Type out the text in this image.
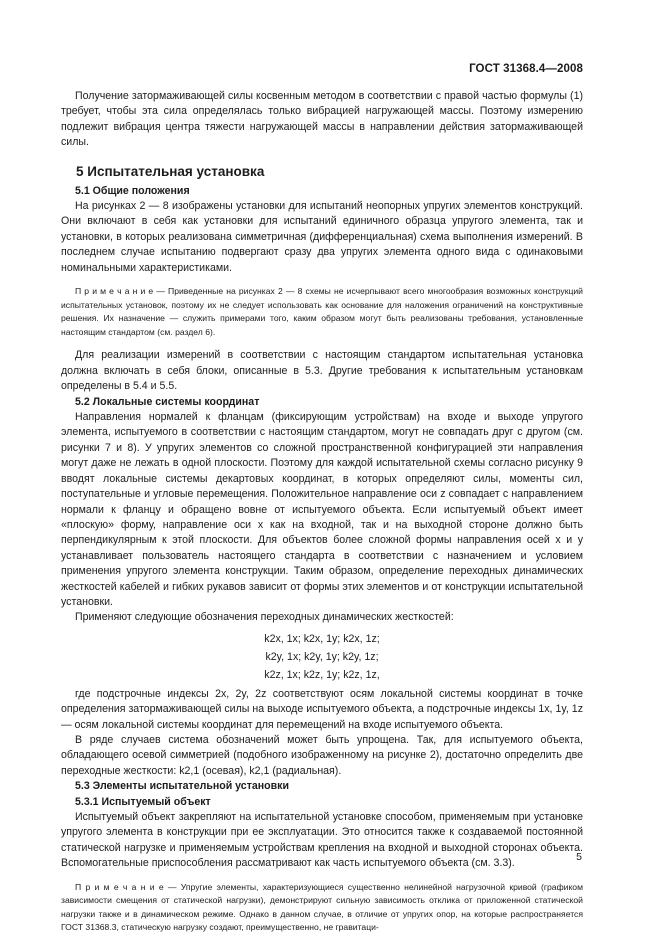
ГОСТ 31368.4—2008

Получение затормаживающей силы косвенным методом в соответствии с правой частью формулы (1) требует, чтобы эта сила определялась только вибрацией нагружающей массы. Поэтому измерению подлежит вибрация центра тяжести нагружающей массы в направлении действия затормаживающей силы.

5 Испытательная установка
5.1 Общие положения

На рисунках 2 — 8 изображены установки для испытаний неопорных упругих элементов конструкций. Они включают в себя как установки для испытаний единичного образца упругого элемента, так и установки, в которых реализована симметричная (дифференциальная) схема выполнения измерений. В последнем случае испытанию подвергают сразу два упругих элемента одного вида с одинаковыми номинальными характеристиками.

П р и м е ч а н и е — Приведенные на рисунках 2 — 8 схемы не исчерпывают всего многообразия возможных конструкций испытательных установок, поэтому их не следует использовать как основание для наложения ограничений на конструктивные решения. Их назначение — служить примерами того, каким образом могут быть реализованы требования, установленные настоящим стандартом (см. раздел 6).

Для реализации измерений в соответствии с настоящим стандартом испытательная установка должна включать в себя блоки, описанные в 5.3. Другие требования к испытательным установкам определены в 5.4 и 5.5.

5.2 Локальные системы координат

Направления нормалей к фланцам (фиксирующим устройствам) на входе и выходе упругого элемента, испытуемого в соответствии с настоящим стандартом, могут не совпадать друг с другом (см. рисунки 7 и 8). У упругих элементов со сложной пространственной конфигурацией эти направления могут даже не лежать в одной плоскости. Поэтому для каждой испытательной схемы согласно рисунку 9 вводят локальные системы декартовых координат, в которых определяют силы, моменты сил, поступательные и угловые перемещения. Положительное направление оси z совпадает с направлением нормали к фланцу и обращено вовне от испытуемого объекта. Если испытуемый объект имеет «плоскую» форму, направление оси x как на входной, так и на выходной стороне должно быть перпендикулярным к этой плоскости. Для объектов более сложной формы направления осей x и y устанавливает пользователь настоящего стандарта в соответствии с назначением и условием применения упругого элемента конструкции. Таким образом, определение переходных динамических жесткостей кабелей и гибких рукавов зависит от формы этих элементов и от конструкции испытательной установки.

Применяют следующие обозначения переходных динамических жесткостей:

k2x, 1x; k2x, 1y; k2x, 1z;
k2y, 1x; k2y, 1y; k2y, 1z;
k2z, 1x; k2z, 1y; k2z, 1z,

где подстрочные индексы 2x, 2y, 2z соответствуют осям локальной системы координат в точке определения затормаживающей силы на выходе испытуемого объекта, а подстрочные индексы 1x, 1y, 1z — осям локальной системы координат для перемещений на входе испытуемого объекта.

В ряде случаев система обозначений может быть упрощена. Так, для испытуемого объекта, обладающего осевой симметрией (подобного изображенному на рисунке 2), достаточно определить две переходные жесткости: k2,1 (осевая), k2,1 (радиальная).

5.3 Элементы испытательной установки
5.3.1 Испытуемый объект

Испытуемый объект закрепляют на испытательной установке способом, применяемым при установке упругого элемента в конструкции при ее эксплуатации. Это относится также к создаваемой постоянной статической нагрузке и применяемым устройствам крепления на входной и выходной сторонах объекта. Вспомогательные приспособления рассматривают как часть испытуемого объекта (см. 3.3).

П р и м е ч а н и е — Упругие элементы, характеризующиеся существенно нелинейной нагрузочной кривой (графиком зависимости смещения от статической нагрузки), демонстрируют сильную зависимость отклика от приложенной статической нагрузки также и в динамическом режиме. Однако в данном случае, в отличие от упругих опор, на которые распространяется ГОСТ 31368.3, статическую нагрузку создают, преимущественно, не гравитаци-

5
